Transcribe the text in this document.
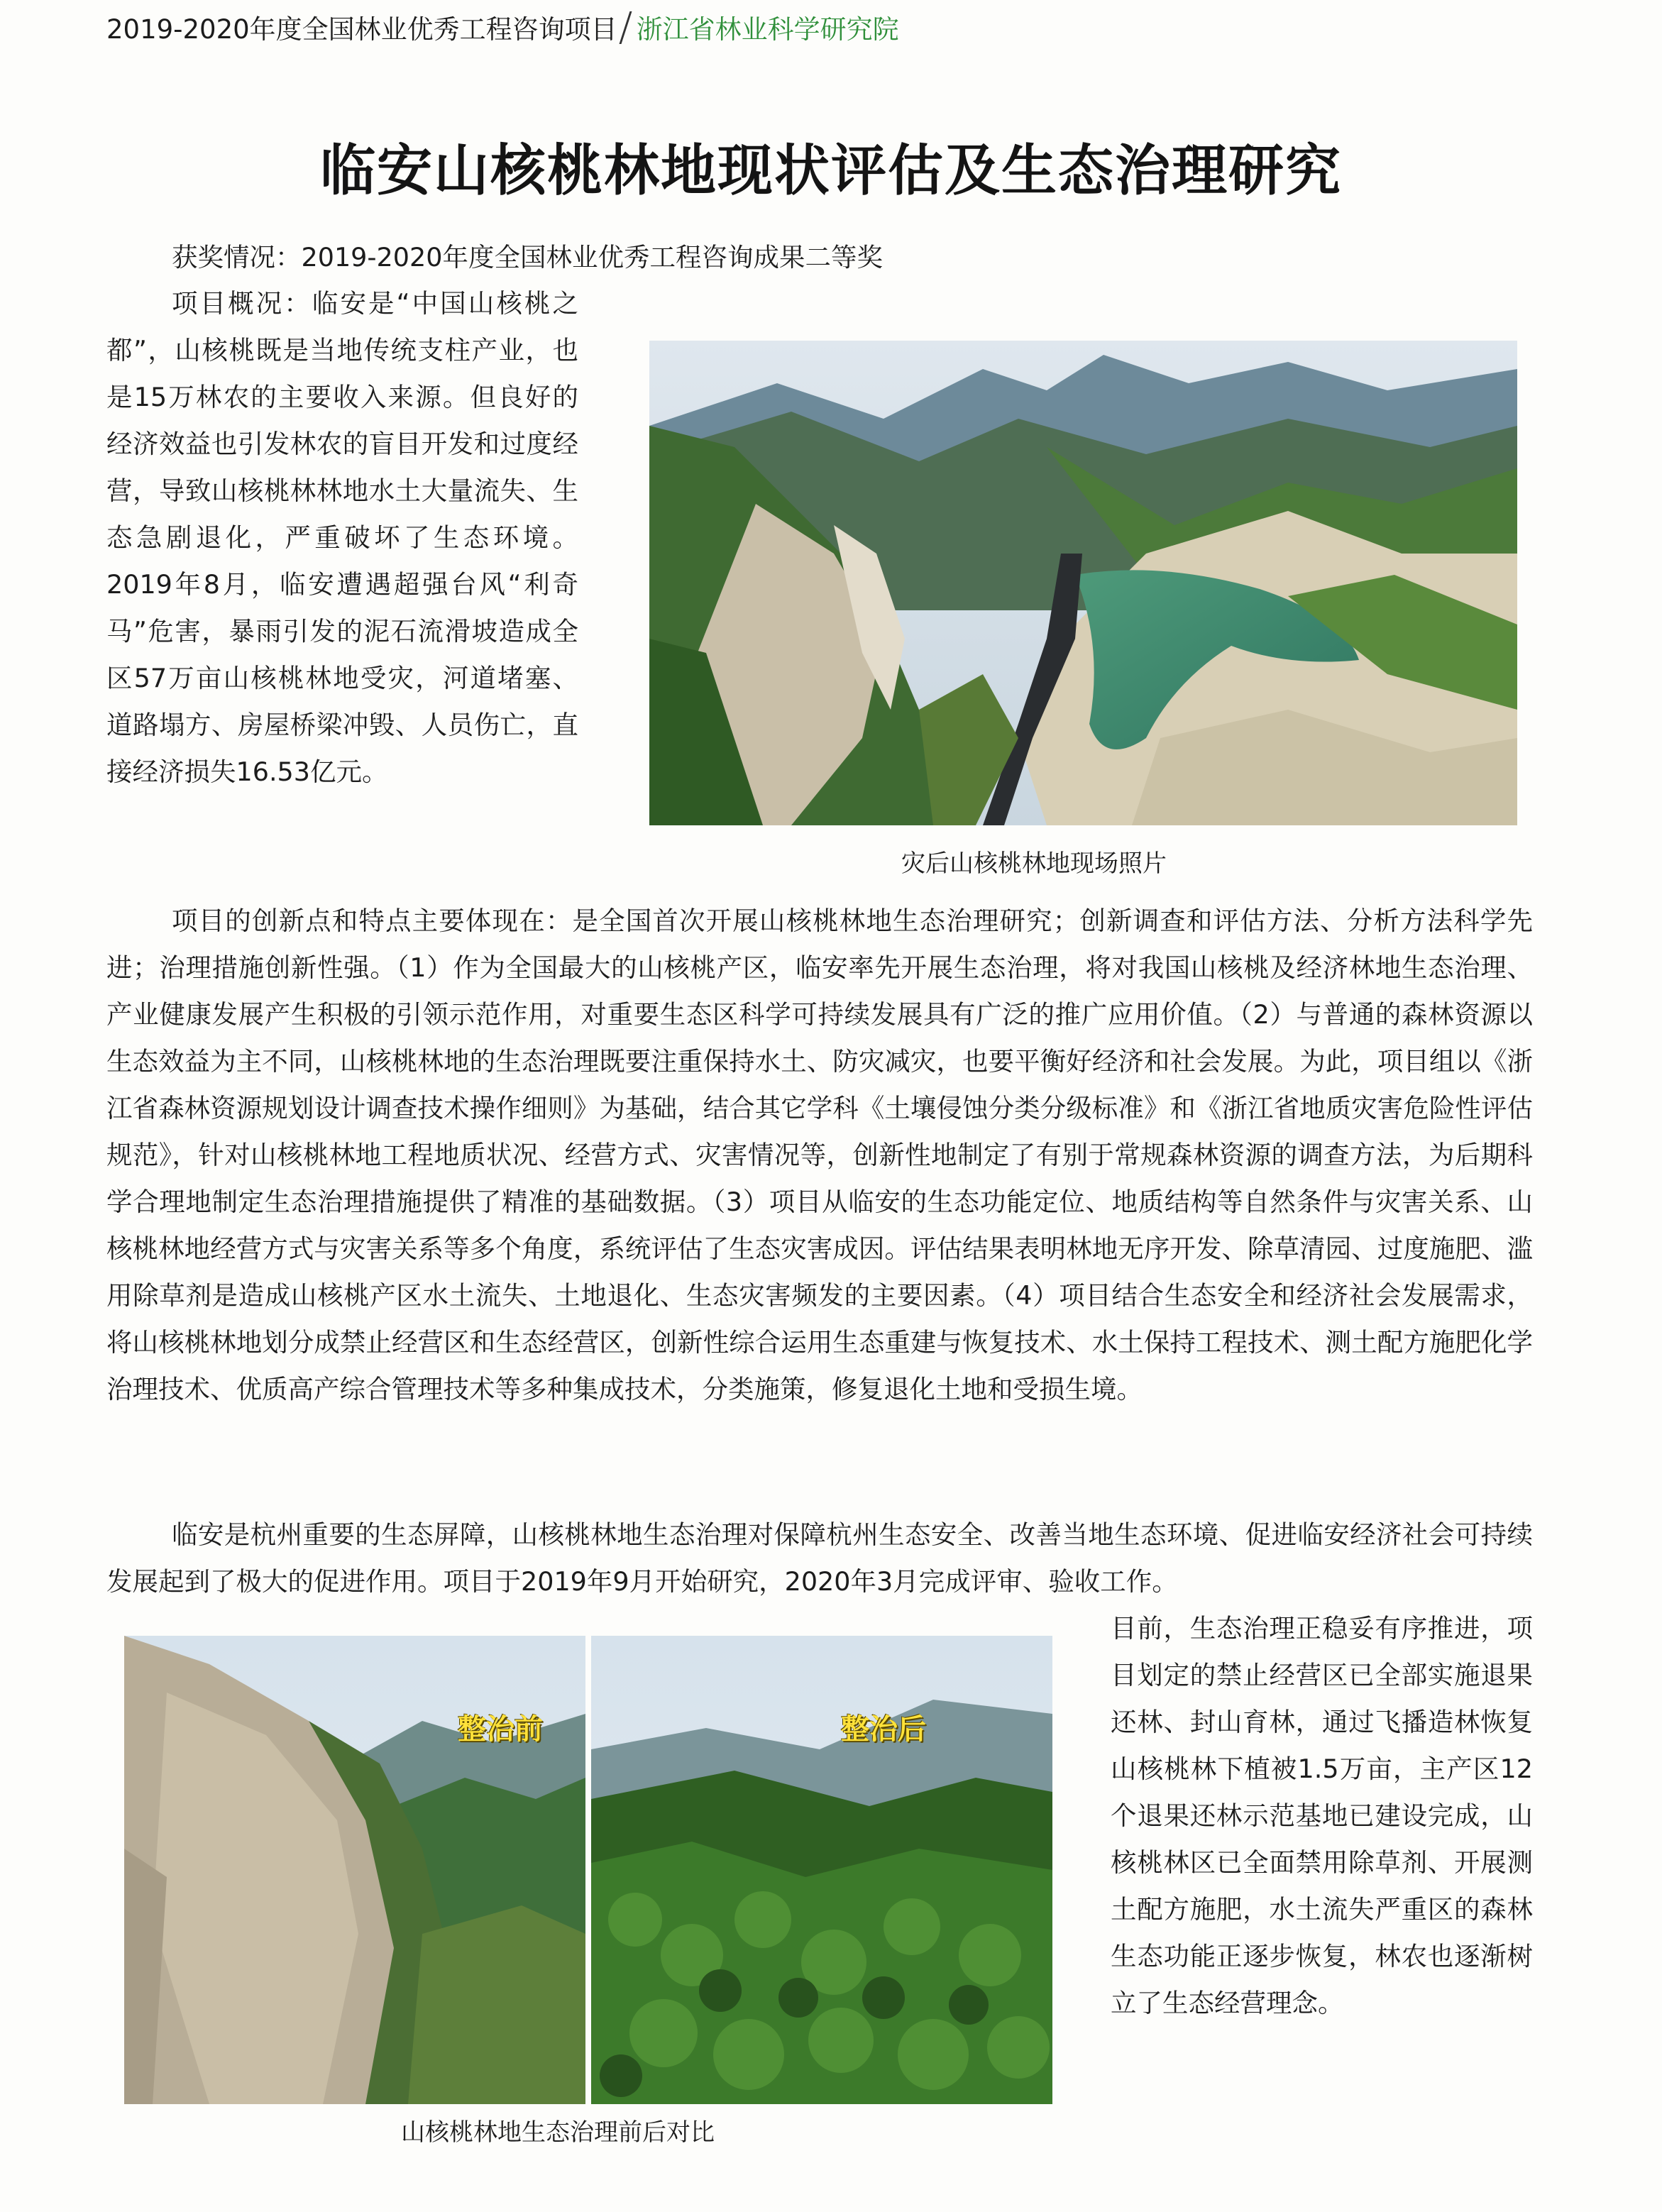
2019-2020年度全国林业优秀工程咨询项目 浙江省林业科学研究院
临安山核桃林地现状评估及生态治理研究

获奖情况：2019-2020年度全国林业优秀工程咨询成果二等奖

项目概况：临安是“中国山核桃之都”，山核桃既是当地传统支柱产业，也是15万林农的主要收入来源。但良好的经济效益也引发林农的盲目开发和过度经营，导致山核桃林林地水土大量流失、生态急剧退化，严重破坏了生态环境。2019年8月，临安遭遇超强台风“利奇马”危害，暴雨引发的泥石流滑坡造成全区57万亩山核桃林地受灾，河道堵塞、道路塌方、房屋桥梁冲毁、人员伤亡，直接经济损失16.53亿元。

灾后山核桃林地现场照片

项目的创新点和特点主要体现在：是全国首次开展山核桃林地生态治理研究；创新调查和评估方法、分析方法科学先进；治理措施创新性强。（1）作为全国最大的山核桃产区，临安率先开展生态治理，将对我国山核桃及经济林地生态治理、产业健康发展产生积极的引领示范作用，对重要生态区科学可持续发展具有广泛的推广应用价值。（2）与普通的森林资源以生态效益为主不同，山核桃林地的生态治理既要注重保持水土、防灾减灾，也要平衡好经济和社会发展。为此，项目组以《浙江省森林资源规划设计调查技术操作细则》为基础，结合其它学科《土壤侵蚀分类分级标准》和《浙江省地质灾害危险性评估规范》，针对山核桃林地工程地质状况、经营方式、灾害情况等，创新性地制定了有别于常规森林资源的调查方法，为后期科学合理地制定生态治理措施提供了精准的基础数据。（3）项目从临安的生态功能定位、地质结构等自然条件与灾害关系、山核桃林地经营方式与灾害关系等多个角度，系统评估了生态灾害成因。评估结果表明林地无序开发、除草清园、过度施肥、滥用除草剂是造成山核桃产区水土流失、土地退化、生态灾害频发的主要因素。（4）项目结合生态安全和经济社会发展需求，将山核桃林地划分成禁止经营区和生态经营区，创新性综合运用生态重建与恢复技术、水土保持工程技术、测土配方施肥化学治理技术、优质高产综合管理技术等多种集成技术，分类施策，修复退化土地和受损生境。

临安是杭州重要的生态屏障，山核桃林地生态治理对保障杭州生态安全、改善当地生态环境、促进临安经济社会可持续发展起到了极大的促进作用。项目于2019年9月开始研究，2020年3月完成评审、验收工作。

整治前	整治后
山核桃林地生态治理前后对比

目前，生态治理正稳妥有序推进，项目划定的禁止经营区已全部实施退果还林、封山育林，通过飞播造林恢复山核桃林下植被1.5万亩，主产区12个退果还林示范基地已建设完成，山核桃林区已全面禁用除草剂、开展测土配方施肥，水土流失严重区的森林生态功能正逐步恢复，林农也逐渐树立了生态经营理念。
